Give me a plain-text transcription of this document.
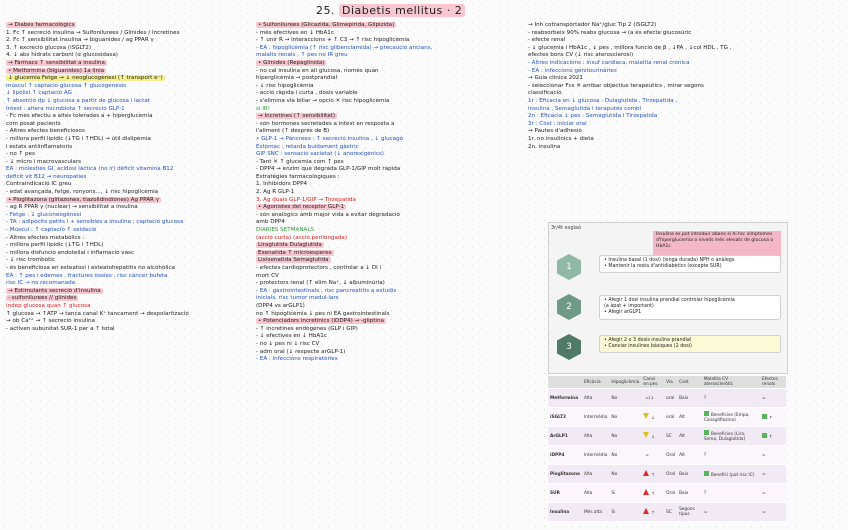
25. Diabetis mellitus · 2
→ Diabes farmacològics
1. Fc ↑ secreció insulina → Sulfonilurees / Glínides / Incretines
2. Fc ↑ sensibilitat insulina → biguanides / ag PPAR γ
3. ↑ excreció glucosa (iSGLT2)
4. ↓ abs hidrats carboni (α glucosidasa)
→ Fàrmacs ↑ sensibilitat a insulina
• Metformina (biguanides) 1a línia
↓ glucemia Fetge → ↓ neoglucogènesi (↑ transport e⁻)
múscul ↑ captació glucosa ↑ glucogenèsis
↓ lipòlisi ↑ captació AG
↑ absorció dp ↓ glucosa a partir de glucosa i lactat
Intest : altera microbiota ↑ secreció GLP-1
- Fc més efectiu a altes tolerades a + hiperglucemia
com posat pacients
- Altres efectes beneficiosos
- millora perfil lipídic (↓TG i ↑HDL) → útil dislipèmia
i estats antiinflamatoris
- no ↑ pes
- ↓ micro i macrovasculars
EA : molesties GI, acidosi làctica (no ir) dèficit vitamina B12
dèficit vit B12 → neuropaties
Contraindicació IC greu
- edat avançada, fetge, ronyons..., ↓ risc hipoglicèmia
• Pioglitazona (glitazones, tiazolidindiones) Ag PPAR γ
- ag R PPAR γ (nuclear) → sensibilitat a insulina
- Fetge : ↓ gluconeogènesi
- TA : adipòcits petits i + sensibles a insulina ; captació glucosa
- Múscul : ↑ captació ↑ oxidació
- Altres efectes metabòlics :
- millora perfil lipídic (↓TG i ↑HDL)
- millora disfunció endotelial i inflamació vasc
- ↓ risc trombòtic
- és beneficiosa en esteatosi i esteatohepatitis no alcohòlica
EA : ↑ pes i edemes , fractures òssies , risc càncer bufeta
risc IC → no recomanada
→ Estimulants secreció d'insulina
- sulfonilurees // glínides
indep glucosa quan ↑ glucosa
↑ glucosa → ↑ATP → tanca canal K⁺ tancament → despolarització
→ ob Ca²⁺ → ↑ secreció insulina
- activen subunitat SUR-1 per a ↑ total
• Sulfonilurees (Glicazida, Glimepirida, Glipizida)
- més efectives en ↓ HbA1c
- ↑ unir R → interaccions + ↑ C3 → ↑ risc hipoglicèmia
- EA : hipoglicèmia (↑ risc glibenclamida) → precaució ancians,
malalts renals , ↑ pes no IR greu
• Glínides (Repaglinida)
- no cal insulina en ali glucosa, només quan
hiperglicèmia → postprandial
- ↓ risc hipoglicèmia
- acció ràpida i curta , dosis variable
- s'elimina via biliar → opció ✕ risc hipoglicèmia
si IR!
→ Incretines (↑ sensibilitat)
- són hormones secretades a intest en resposta a
l'aliment (↑ després de B)
• GLP-1 → Pàncrees : ↑ secreció insulina , ↓ glucagó
Estómac : retarda buidament gàstric
GIP SNC : sensació sacietat (↓ anorexigènics)
- Tant ✕ ↑ glucemia com ↑ pes
- DPP4 → enzim que degrada GLP-1/GIP molt ràpida
Estratègies farmacològiques :
1. Inhibidors DPP4
2. Ag R GLP-1
3. Ag duals GLP-1/GIP → Tirzepatida
• Agonistes del receptor GLP-1
- són analògics amb major vida a evitar degradació
amb DPP4
DIÀRIES SETMANALS
(acció curta) (acció perllongada)
Liraglutida Dulaglutida
Exenatida ↑ microesperes
Lixisenatida Semaglutida
- efectes cardioprotectors , controlar a ↓ DI i
mort CV
- protectors renal (↑ elim Na⁺, ↓ albuminúria)
- EA : gastrointestinals , risc pancreatitis a estudis
inicials, risc tumor medul·lars
(DPP4 vs arGLP1)
no ↑ hipoglicèmia ↓ pes ni EA gastrointestinals
• Potenciadors incretínics (iDDP4) → -gliptina
- ↑ incretines endògenes (GLP i GIP)
- ↓ efectives en ↓ HbA1c
- no ↓ pes ni ↓ risc CV
- adm oral (↓ respecte arGLP-1)
- EA : infeccions respiratòries
→ Inh cotransportador Na⁺/gluc Tip 2 (iSGLT2)
- reabsorbeix 90% reabs glucosa → (a és efecte glucosúric
- efecte renal
- ↓ glucemia i HbA1c , ↓ pes , millora funció de β , ↓PA , ↓col HDL , TG ,
efectes bons CV (↓ risc aterosclerosi)
- Altres indicacions : insuf cardíaca, malaltia renal crònica
- EA : infeccions genitourinàries
→ Guia clínica 2021
- seleccionar Fcs ✕ arribar objectius terapèutics , mirar segons
classificació
1r : Eficacia en ↓ glucosa : Dulaglutida , Tirzepatida ,
insulina , Semaglutida i teraputès combi
2n : Eficacia ↓ pes : Semaglutida i Tirzepatida
3r : Cost : iniciar oral
→ Pautes d'adhesió
1r. no insulínics + dieta
2n. insulina
3r/4t esglaó
Insulina es pot introduir abans si hi ha: símptomes d'hiperglucemia o nivells més elevats de glucosa o HbA1c
1
• Insulina basal (1 dosi) (longa durada) NPH o anàlegs
• Mantenir la resta d'antidiabètics (excepte SUR)
2
• Afegir 1 dosi insulina prandial controlar hipoglicèmia
(a àpat + important)
• Afegir arGLP1
3
• Afegir 2 o 3 dosis insulina prandial
• Canviar insulines bàsiques (2 dosi)
	Eficàcia	Hipoglicèmia	Canvi en pes	Via	Cost	Malaltia CV ateroscleròtic	Efectes renals
Metformina	Alta	No	=/↓	oral	Baix	?	=
iSGLT2	Intermèdia	No	↓	oral	Alt	Benefícies (Empa, Canagliflozina)	↑
ArGLP1	Alta	No	↓	SC	Alt	Benefícies (Lira, Sema, Dulaglutida)	↑
iDPP4	Intermèdia	No	=	Oral	Alt	?	=
Pioglitazona	Alta	No	↑	Oral	Baix	Benefíci (pot risc IC)	=
SUR	Alta	Si	↑	Oral	Baix	?	=
Insulina	Més alta	Si	↑	SC	Segons tipus	=	=
